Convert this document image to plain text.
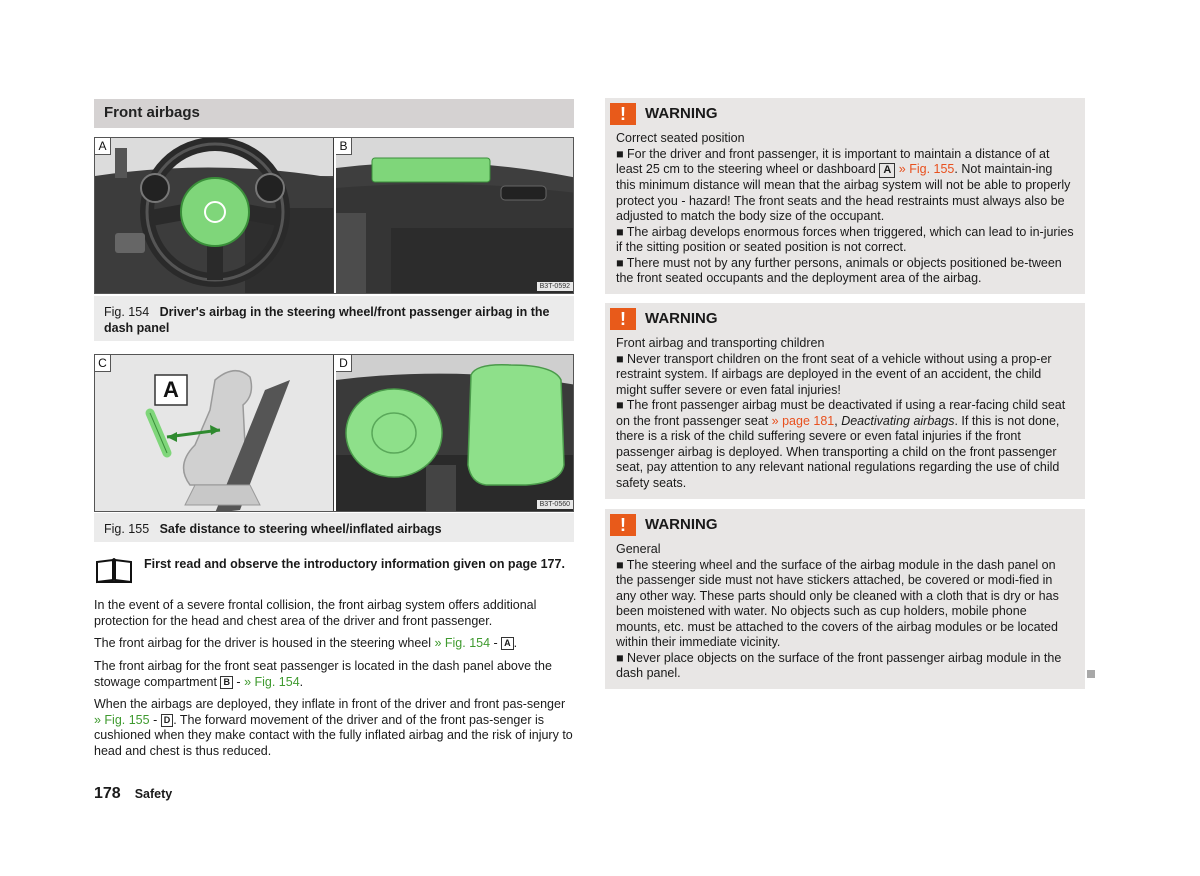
Front airbags
A	B
B3T-0592
Fig. 154 Driver's airbag in the steering wheel/front passenger airbag in the dash panel
A
C	D
B3T-0560
Fig. 155 Safe distance to steering wheel/inflated airbags
First read and observe the introductory information given on page 177.
In the event of a severe frontal collision, the front airbag system offers additional protection for the head and chest area of the driver and front passenger.
The front airbag for the driver is housed in the steering wheel » Fig. 154 - A .
The front airbag for the front seat passenger is located in the dash panel above the stowage compartment B - » Fig. 154.
When the airbags are deployed, they inflate in front of the driver and front pas-senger » Fig. 155 - D . The forward movement of the driver and of the front pas-senger is cushioned when they make contact with the fully inflated airbag and the risk of injury to head and chest is thus reduced.
178 Safety
!	WARNING
Correct seated position
■ For the driver and front passenger, it is important to maintain a distance of at least 25 cm to the steering wheel or dashboard A » Fig. 155. Not maintain-ing this minimum distance will mean that the airbag system will not be able to properly protect you - hazard! The front seats and the head restraints must always also be adjusted to match the body size of the occupant.
■ The airbag develops enormous forces when triggered, which can lead to in-juries if the sitting position or seated position is not correct.
■ There must not by any further persons, animals or objects positioned be-tween the front seated occupants and the deployment area of the airbag.
!	WARNING
Front airbag and transporting children
■ Never transport children on the front seat of a vehicle without using a prop-er restraint system. If airbags are deployed in the event of an accident, the child might suffer severe or even fatal injuries!
■ The front passenger airbag must be deactivated if using a rear-facing child seat on the front passenger seat » page 181, Deactivating airbags. If this is not done, there is a risk of the child suffering severe or even fatal injuries if the front passenger airbag is deployed. When transporting a child on the front passenger seat, pay attention to any relevant national regulations regarding the use of child safety seats.
!	WARNING
General
■ The steering wheel and the surface of the airbag module in the dash panel on the passenger side must not have stickers attached, be covered or modi-fied in any other way. These parts should only be cleaned with a cloth that is dry or has been moistened with water. No objects such as cup holders, mobile phone mounts, etc. must be attached to the covers of the airbag modules or be located within their immediate vicinity.
■ Never place objects on the surface of the front passenger airbag module in the dash panel.
